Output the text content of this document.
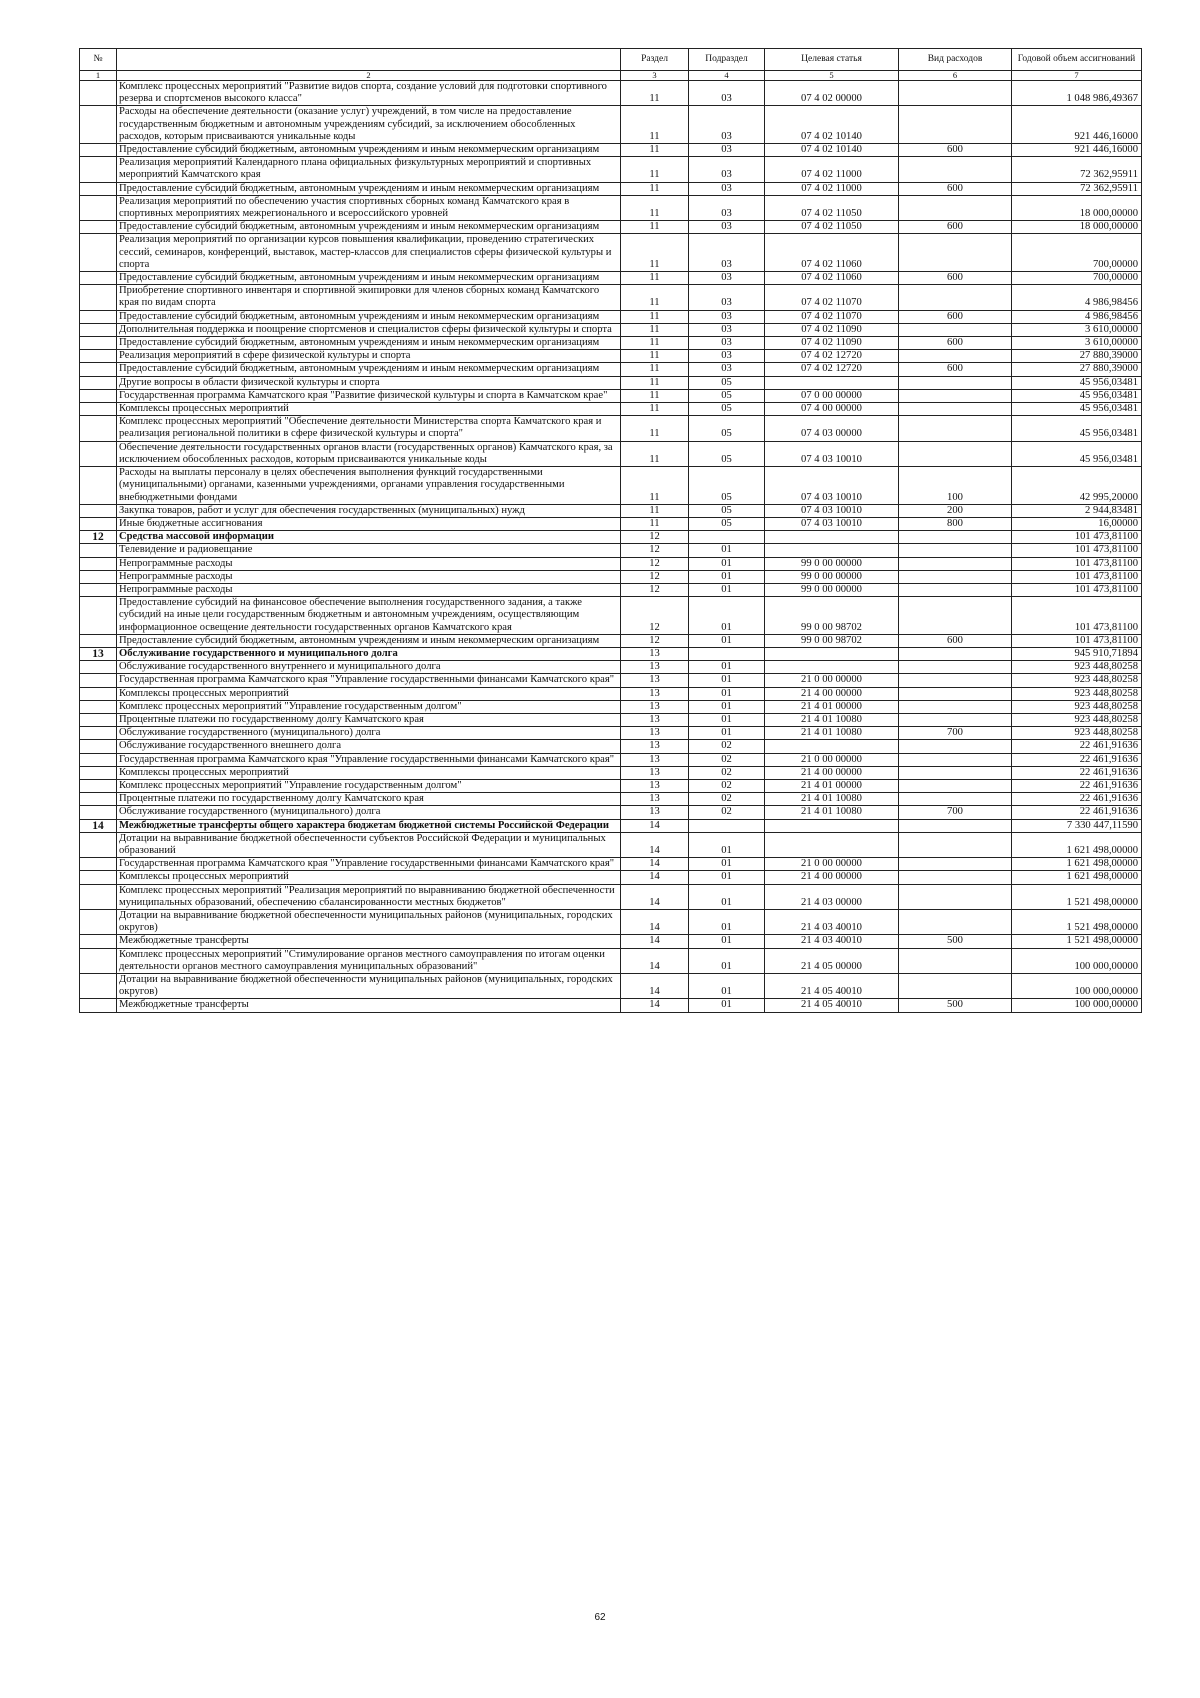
№		Раздел	Подраздел	Целевая статья	Вид расходов	Годовой объем ассигнований
1	2	3	4	5	6	7
	Комплекс процессных мероприятий "Развитие видов спорта, создание условий для подготовки спортивного резерва и спортсменов высокого класса"	11	03	07 4 02 00000		1 048 986,49367
	Расходы на обеспечение деятельности (оказание услуг) учреждений, в том числе на предоставление государственным бюджетным и автономным учреждениям субсидий, за исключением обособленных расходов, которым присваиваются уникальные коды	11	03	07 4 02 10140		921 446,16000
	Предоставление субсидий бюджетным, автономным учреждениям и иным некоммерческим организациям	11	03	07 4 02 10140	600	921 446,16000
	Реализация мероприятий Календарного плана официальных физкультурных мероприятий и спортивных мероприятий Камчатского края	11	03	07 4 02 11000		72 362,95911
	Предоставление субсидий бюджетным, автономным учреждениям и иным некоммерческим организациям	11	03	07 4 02 11000	600	72 362,95911
	Реализация мероприятий по обеспечению участия спортивных сборных команд Камчатского края в спортивных мероприятиях межрегионального и всероссийского уровней	11	03	07 4 02 11050		18 000,00000
	Предоставление субсидий бюджетным, автономным учреждениям и иным некоммерческим организациям	11	03	07 4 02 11050	600	18 000,00000
	Реализация мероприятий по организации курсов повышения квалификации, проведению стратегических сессий, семинаров, конференций, выставок, мастер-классов для специалистов сферы физической культуры и спорта	11	03	07 4 02 11060		700,00000
	Предоставление субсидий бюджетным, автономным учреждениям и иным некоммерческим организациям	11	03	07 4 02 11060	600	700,00000
	Приобретение спортивного инвентаря и спортивной экипировки для членов сборных команд Камчатского края по видам спорта	11	03	07 4 02 11070		4 986,98456
	Предоставление субсидий бюджетным, автономным учреждениям и иным некоммерческим организациям	11	03	07 4 02 11070	600	4 986,98456
	Дополнительная поддержка и поощрение спортсменов и специалистов сферы физической культуры и спорта	11	03	07 4 02 11090		3 610,00000
	Предоставление субсидий бюджетным, автономным учреждениям и иным некоммерческим организациям	11	03	07 4 02 11090	600	3 610,00000
	Реализация мероприятий в сфере физической культуры и спорта	11	03	07 4 02 12720		27 880,39000
	Предоставление субсидий бюджетным, автономным учреждениям и иным некоммерческим организациям	11	03	07 4 02 12720	600	27 880,39000
	Другие вопросы в области физической культуры и спорта	11	05			45 956,03481
	Государственная программа Камчатского края "Развитие физической культуры и спорта в Камчатском крае"	11	05	07 0 00 00000		45 956,03481
	Комплексы процессных мероприятий	11	05	07 4 00 00000		45 956,03481
	Комплекс процессных мероприятий "Обеспечение деятельности Министерства спорта Камчатского края и реализация региональной политики в сфере физической культуры и спорта"	11	05	07 4 03 00000		45 956,03481
	Обеспечение деятельности государственных органов власти (государственных органов) Камчатского края, за исключением обособленных расходов, которым присваиваются уникальные коды	11	05	07 4 03 10010		45 956,03481
	Расходы на выплаты персоналу в целях обеспечения выполнения функций государственными (муниципальными) органами, казенными учреждениями, органами управления государственными внебюджетными фондами	11	05	07 4 03 10010	100	42 995,20000
	Закупка товаров, работ и услуг для обеспечения государственных (муниципальных) нужд	11	05	07 4 03 10010	200	2 944,83481
	Иные бюджетные ассигнования	11	05	07 4 03 10010	800	16,00000
12	Средства массовой информации	12				101 473,81100
	Телевидение и радиовещание	12	01			101 473,81100
	Непрограммные расходы	12	01	99 0 00 00000		101 473,81100
	Непрограммные расходы	12	01	99 0 00 00000		101 473,81100
	Непрограммные расходы	12	01	99 0 00 00000		101 473,81100
	Предоставление субсидий на финансовое обеспечение выполнения государственного задания, а также субсидий на иные цели государственным бюджетным и автономным учреждениям, осуществляющим информационное освещение деятельности государственных органов Камчатского края	12	01	99 0 00 98702		101 473,81100
	Предоставление субсидий бюджетным, автономным учреждениям и иным некоммерческим организациям	12	01	99 0 00 98702	600	101 473,81100
13	Обслуживание государственного и муниципального долга	13				945 910,71894
	Обслуживание государственного внутреннего и муниципального долга	13	01			923 448,80258
	Государственная программа Камчатского края "Управление государственными финансами Камчатского края"	13	01	21 0 00 00000		923 448,80258
	Комплексы процессных мероприятий	13	01	21 4 00 00000		923 448,80258
	Комплекс процессных мероприятий "Управление государственным долгом"	13	01	21 4 01 00000		923 448,80258
	Процентные платежи по государственному долгу Камчатского края	13	01	21 4 01 10080		923 448,80258
	Обслуживание государственного (муниципального) долга	13	01	21 4 01 10080	700	923 448,80258
	Обслуживание государственного внешнего долга	13	02			22 461,91636
	Государственная программа Камчатского края "Управление государственными финансами Камчатского края"	13	02	21 0 00 00000		22 461,91636
	Комплексы процессных мероприятий	13	02	21 4 00 00000		22 461,91636
	Комплекс процессных мероприятий "Управление государственным долгом"	13	02	21 4 01 00000		22 461,91636
	Процентные платежи по государственному долгу Камчатского края	13	02	21 4 01 10080		22 461,91636
	Обслуживание государственного (муниципального) долга	13	02	21 4 01 10080	700	22 461,91636
14	Межбюджетные трансферты общего характера бюджетам бюджетной системы Российской Федерации	14				7 330 447,11590
	Дотации на выравнивание бюджетной обеспеченности субъектов Российской Федерации и муниципальных образований	14	01			1 621 498,00000
	Государственная программа Камчатского края "Управление государственными финансами Камчатского края"	14	01	21 0 00 00000		1 621 498,00000
	Комплексы процессных мероприятий	14	01	21 4 00 00000		1 621 498,00000
	Комплекс процессных мероприятий "Реализация мероприятий по выравниванию бюджетной обеспеченности муниципальных образований, обеспечению сбалансированности местных бюджетов"	14	01	21 4 03 00000		1 521 498,00000
	Дотации на выравнивание бюджетной обеспеченности муниципальных районов (муниципальных, городских округов)	14	01	21 4 03 40010		1 521 498,00000
	Межбюджетные трансферты	14	01	21 4 03 40010	500	1 521 498,00000
	Комплекс процессных мероприятий "Стимулирование органов местного самоуправления по итогам оценки деятельности органов местного самоуправления муниципальных образований"	14	01	21 4 05 00000		100 000,00000
	Дотации на выравнивание бюджетной обеспеченности муниципальных районов (муниципальных, городских округов)	14	01	21 4 05 40010		100 000,00000
	Межбюджетные трансферты	14	01	21 4 05 40010	500	100 000,00000
62
